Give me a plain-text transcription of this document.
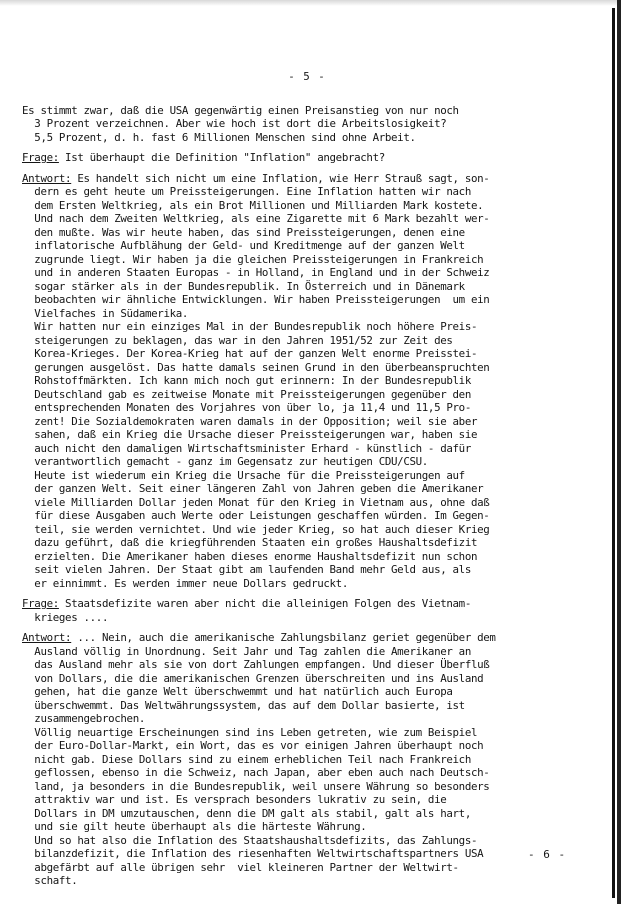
- 5 -
Es stimmt zwar, daß die USA gegenwärtig einen Preisanstieg von nur noch
3 Prozent verzeichnen. Aber wie hoch ist dort die Arbeitslosigkeit?
5,5 Prozent, d. h. fast 6 Millionen Menschen sind ohne Arbeit.
Frage: Ist überhaupt die Definition "Inflation" angebracht?
Antwort: Es handelt sich nicht um eine Inflation, wie Herr Strauß sagt, son-
dern es geht heute um Preissteigerungen. Eine Inflation hatten wir nach
dem Ersten Weltkrieg, als ein Brot Millionen und Milliarden Mark kostete.
Und nach dem Zweiten Weltkrieg, als eine Zigarette mit 6 Mark bezahlt wer-
den mußte. Was wir heute haben, das sind Preissteigerungen, denen eine
inflatorische Aufblähung der Geld- und Kreditmenge auf der ganzen Welt
zugrunde liegt. Wir haben ja die gleichen Preissteigerungen in Frankreich
und in anderen Staaten Europas - in Holland, in England und in der Schweiz
sogar stärker als in der Bundesrepublik. In Österreich und in Dänemark
beobachten wir ähnliche Entwicklungen. Wir haben Preissteigerungen  um ein
Vielfaches in Südamerika.
Wir hatten nur ein einziges Mal in der Bundesrepublik noch höhere Preis-
steigerungen zu beklagen, das war in den Jahren 1951/52 zur Zeit des
Korea-Krieges. Der Korea-Krieg hat auf der ganzen Welt enorme Preisstei-
gerungen ausgelöst. Das hatte damals seinen Grund in den überbeanspruchten
Rohstoffmärkten. Ich kann mich noch gut erinnern: In der Bundesrepublik
Deutschland gab es zeitweise Monate mit Preissteigerungen gegenüber den
entsprechenden Monaten des Vorjahres von über lo, ja 11,4 und 11,5 Pro-
zent! Die Sozialdemokraten waren damals in der Opposition; weil sie aber
sahen, daß ein Krieg die Ursache dieser Preissteigerungen war, haben sie
auch nicht den damaligen Wirtschaftsminister Erhard - künstlich - dafür
verantwortlich gemacht - ganz im Gegensatz zur heutigen CDU/CSU.
Heute ist wiederum ein Krieg die Ursache für die Preissteigerungen auf
der ganzen Welt. Seit einer längeren Zahl von Jahren geben die Amerikaner
viele Milliarden Dollar jeden Monat für den Krieg in Vietnam aus, ohne daß
für diese Ausgaben auch Werte oder Leistungen geschaffen würden. Im Gegen-
teil, sie werden vernichtet. Und wie jeder Krieg, so hat auch dieser Krieg
dazu geführt, daß die kriegführenden Staaten ein großes Haushaltsdefizit
erzielten. Die Amerikaner haben dieses enorme Haushaltsdefizit nun schon
seit vielen Jahren. Der Staat gibt am laufenden Band mehr Geld aus, als
er einnimmt. Es werden immer neue Dollars gedruckt.
Frage: Staatsdefizite waren aber nicht die alleinigen Folgen des Vietnam-
krieges ....
Antwort: ... Nein, auch die amerikanische Zahlungsbilanz geriet gegenüber dem
Ausland völlig in Unordnung. Seit Jahr und Tag zahlen die Amerikaner an
das Ausland mehr als sie von dort Zahlungen empfangen. Und dieser Überfluß
von Dollars, die die amerikanischen Grenzen überschreiten und ins Ausland
gehen, hat die ganze Welt überschwemmt und hat natürlich auch Europa
überschwemmt. Das Weltwährungssystem, das auf dem Dollar basierte, ist
zusammengebrochen.
Völlig neuartige Erscheinungen sind ins Leben getreten, wie zum Beispiel
der Euro-Dollar-Markt, ein Wort, das es vor einigen Jahren überhaupt noch
nicht gab. Diese Dollars sind zu einem erheblichen Teil nach Frankreich
geflossen, ebenso in die Schweiz, nach Japan, aber eben auch nach Deutsch-
land, ja besonders in die Bundesrepublik, weil unsere Währung so besonders
attraktiv war und ist. Es versprach besonders lukrativ zu sein, die
Dollars in DM umzutauschen, denn die DM galt als stabil, galt als hart,
und sie gilt heute überhaupt als die härteste Währung.
Und so hat also die Inflation des Staatshaushaltsdefizits, das Zahlungs-
bilanzdefizit, die Inflation des riesenhaften Weltwirtschaftspartners USA
abgefärbt auf alle übrigen sehr  viel kleineren Partner der Weltwirt-
schaft.
- 6 -
